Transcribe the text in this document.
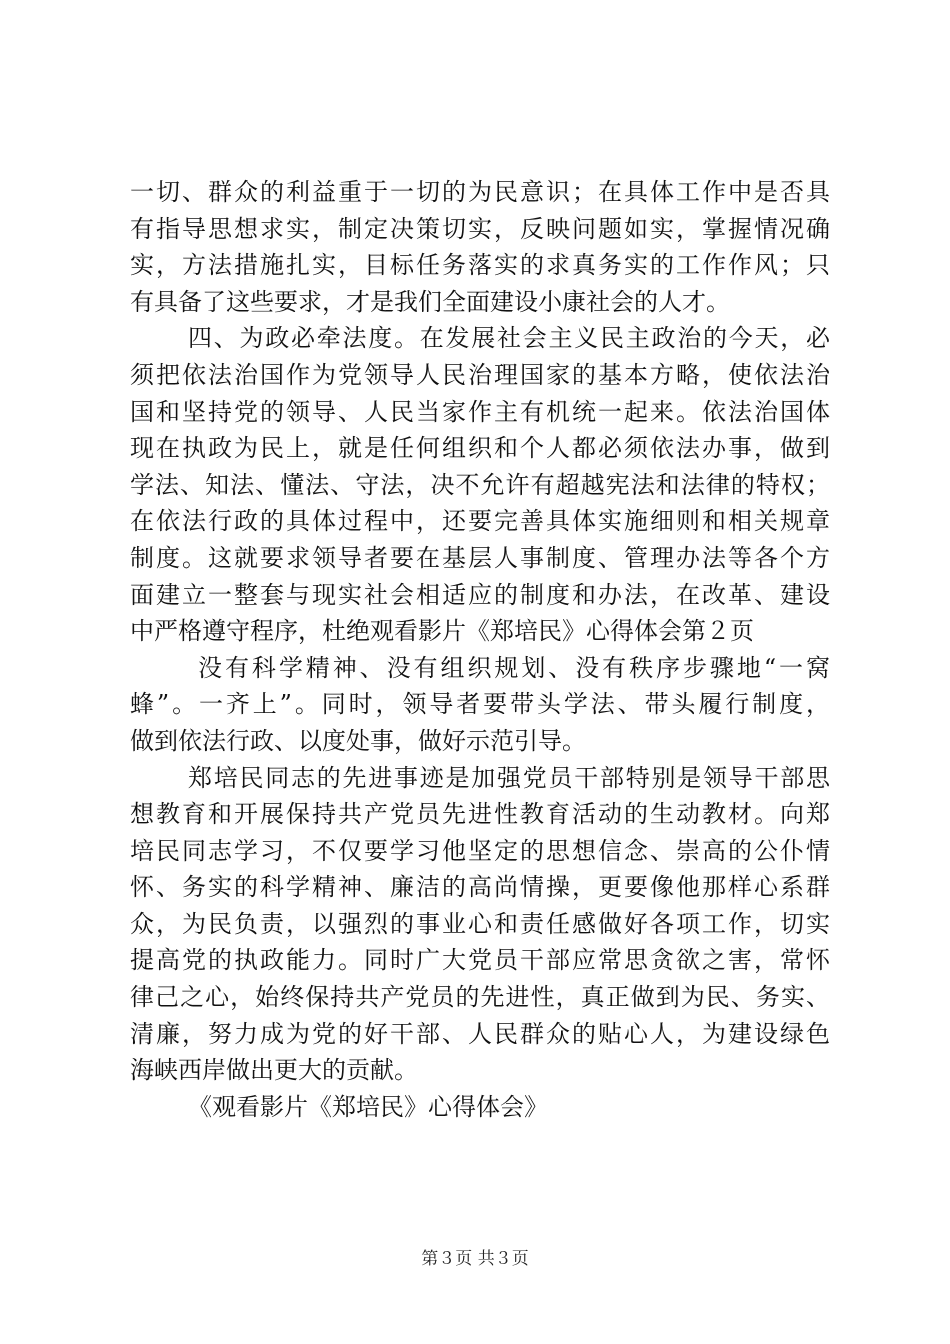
一切、群众的利益重于一切的为民意识；在具体工作中是否具
有指导思想求实，制定决策切实，反映问题如实，掌握情况确
实，方法措施扎实，目标任务落实的求真务实的工作作风；只
有具备了这些要求，才是我们全面建设小康社会的人才。
四、为政必牵法度。在发展社会主义民主政治的今天，必
须把依法治国作为党领导人民治理国家的基本方略，使依法治
国和坚持党的领导、人民当家作主有机统一起来。依法治国体
现在执政为民上，就是任何组织和个人都必须依法办事，做到
学法、知法、懂法、守法，决不允许有超越宪法和法律的特权；
在依法行政的具体过程中，还要完善具体实施细则和相关规章
制度。这就要求领导者要在基层人事制度、管理办法等各个方
面建立一整套与现实社会相适应的制度和办法，在改革、建设
中严格遵守程序，杜绝观看影片《郑培民》心得体会第２页
没有科学精神、没有组织规划、没有秩序步骤地“一窝
蜂”。一齐上”。同时，领导者要带头学法、带头履行制度，
做到依法行政、以度处事，做好示范引导。
郑培民同志的先进事迹是加强党员干部特别是领导干部思
想教育和开展保持共产党员先进性教育活动的生动教材。向郑
培民同志学习，不仅要学习他坚定的思想信念、崇高的公仆情
怀、务实的科学精神、廉洁的高尚情操，更要像他那样心系群
众，为民负责，以强烈的事业心和责任感做好各项工作，切实
提高党的执政能力。同时广大党员干部应常思贪欲之害，常怀
律己之心，始终保持共产党员的先进性，真正做到为民、务实、
清廉，努力成为党的好干部、人民群众的贴心人，为建设绿色
海峡西岸做出更大的贡献。
《观看影片《郑培民》心得体会》
第３页 共３页
